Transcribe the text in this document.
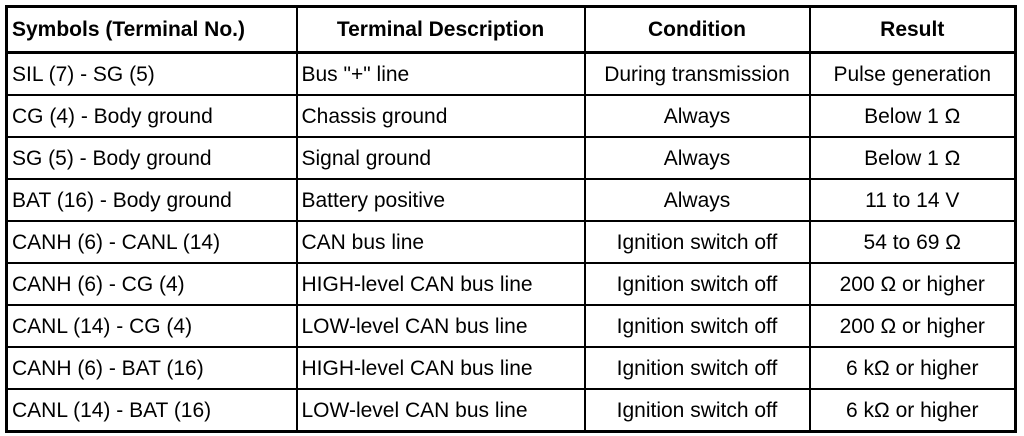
Symbols (Terminal No.)	Terminal Description	Condition	Result
SIL (7) - SG (5)	Bus "+" line	During transmission	Pulse generation
CG (4) - Body ground	Chassis ground	Always	Below 1 Ω
SG (5) - Body ground	Signal ground	Always	Below 1 Ω
BAT (16) - Body ground	Battery positive	Always	11 to 14 V
CANH (6) - CANL (14)	CAN bus line	Ignition switch off	54 to 69 Ω
CANH (6) - CG (4)	HIGH-level CAN bus line	Ignition switch off	200 Ω or higher
CANL (14) - CG (4)	LOW-level CAN bus line	Ignition switch off	200 Ω or higher
CANH (6) - BAT (16)	HIGH-level CAN bus line	Ignition switch off	6 kΩ or higher
CANL (14) - BAT (16)	LOW-level CAN bus line	Ignition switch off	6 kΩ or higher
